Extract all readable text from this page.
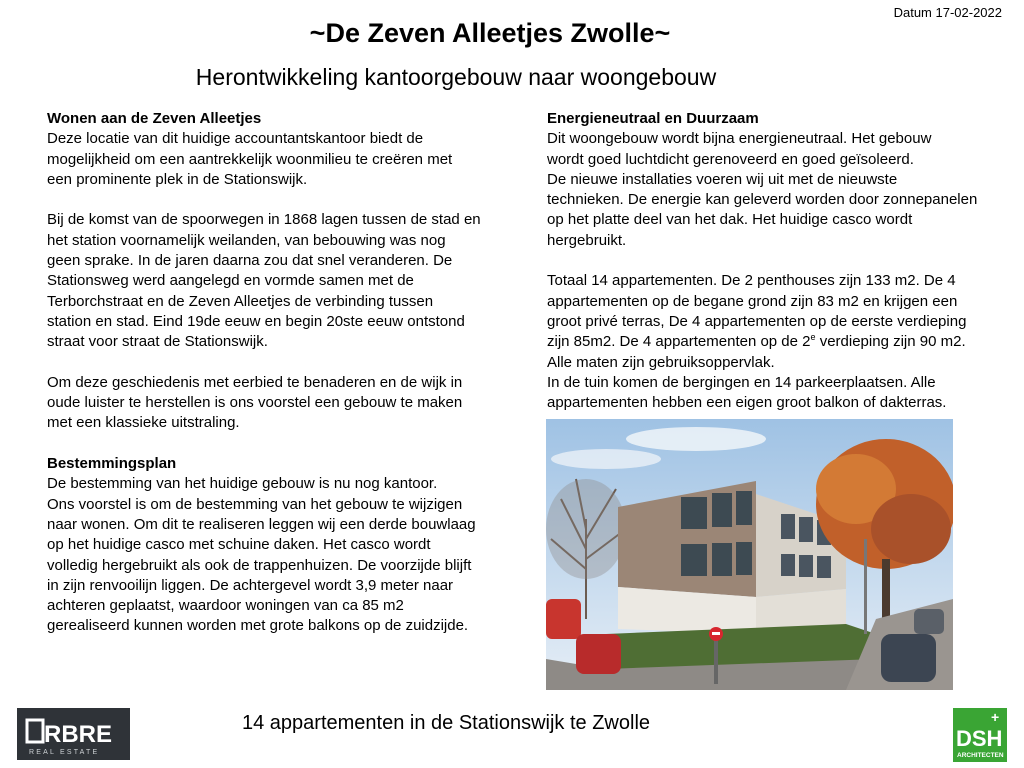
Datum 17-02-2022
~De Zeven Alleetjes Zwolle~
Herontwikkeling kantoorgebouw naar woongebouw
Wonen aan de Zeven Alleetjes
Deze locatie van dit huidige accountantskantoor biedt de
mogelijkheid om een aantrekkelijk woonmilieu te creëren met
een prominente plek in de Stationswijk.
Bij de komst van de spoorwegen in 1868 lagen tussen de stad en
het station voornamelijk weilanden, van bebouwing was nog
geen sprake. In de jaren daarna zou dat snel veranderen. De
Stationsweg werd aangelegd en vormde samen met de
Terborchstraat en de Zeven Alleetjes de verbinding tussen
station en stad. Eind 19de eeuw en begin 20ste eeuw ontstond
straat voor straat de Stationswijk.
Om deze geschiedenis met eerbied te benaderen en de wijk in
oude luister te herstellen is ons voorstel een gebouw te maken
met een klassieke uitstraling.
Bestemmingsplan
De bestemming van het huidige gebouw is nu nog kantoor.
Ons voorstel is om de bestemming van het gebouw te wijzigen
naar wonen. Om dit te realiseren leggen wij een derde bouwlaag
op het huidige casco met schuine daken. Het casco wordt
volledig hergebruikt als ook de trappenhuizen. De voorzijde blijft
in zijn renvooilijn liggen. De achtergevel wordt 3,9 meter naar
achteren geplaatst, waardoor woningen van ca 85 m2
gerealiseerd kunnen worden met grote balkons op de zuidzijde.
Energieneutraal en Duurzaam
Dit woongebouw wordt bijna energieneutraal. Het gebouw
wordt goed luchtdicht gerenoveerd en goed geïsoleerd.
De nieuwe installaties voeren wij uit met de nieuwste
technieken. De energie kan geleverd worden door zonnepanelen
op het platte deel van het dak. Het huidige casco wordt
hergebruikt.
Totaal 14 appartementen. De 2 penthouses zijn 133 m2. De 4
appartementen op de begane grond zijn 83 m2 en krijgen een
groot privé terras, De 4 appartementen op de eerste verdieping
zijn 85m2. De 4 appartementen op de 2e verdieping zijn 90 m2.
Alle maten zijn gebruiksoppervlak.
In de tuin komen de bergingen en 14 parkeerplaatsen. Alle
appartementen hebben een eigen groot balkon of dakterras.
14 appartementen in de Stationswijk te Zwolle
RBRE
REAL ESTATE
+
DSH
ARCHITECTEN
